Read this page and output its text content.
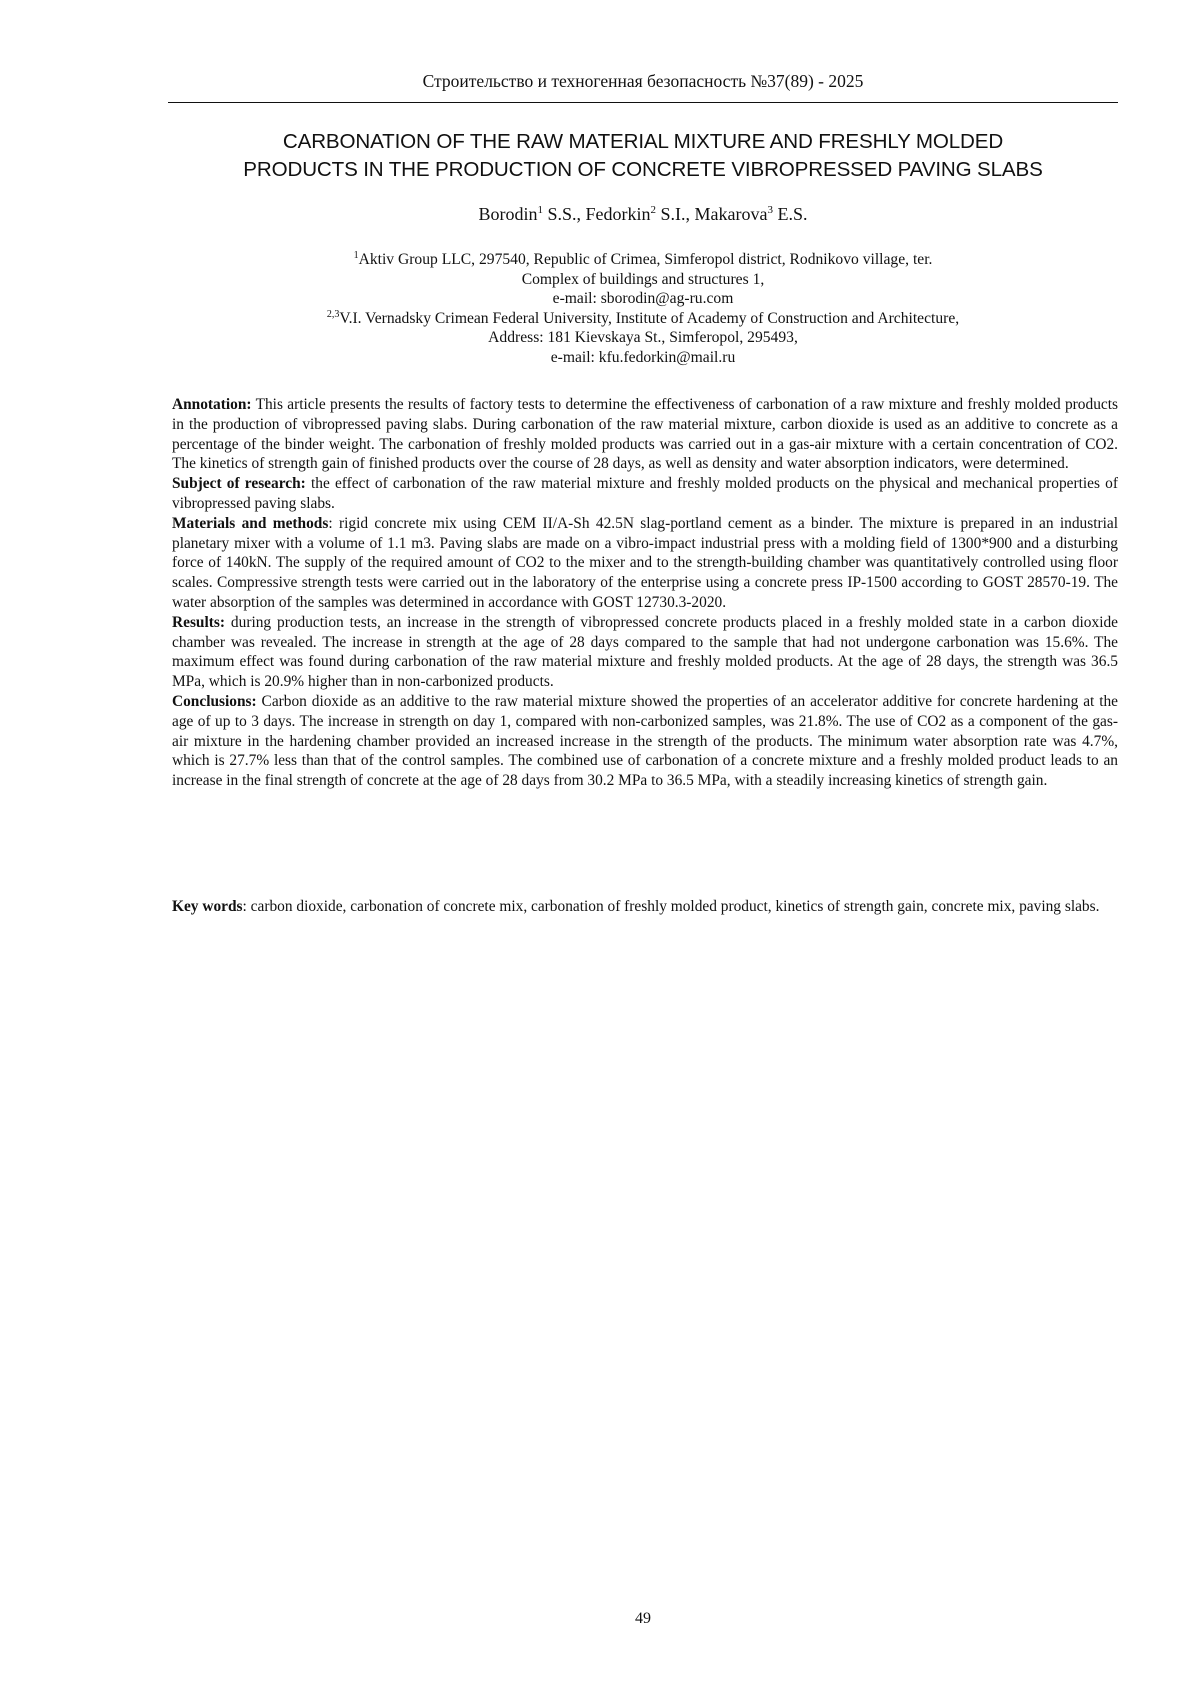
Строительство и техногенная безопасность №37(89) - 2025
CARBONATION OF THE RAW MATERIAL MIXTURE AND FRESHLY MOLDED
PRODUCTS IN THE PRODUCTION OF CONCRETE VIBROPRESSED PAVING SLABS
Borodin$^1$ S.S., Fedorkin$^2$ S.I., Makarova$^3$ E.S.
$^1$Aktiv Group LLC, 297540, Republic of Crimea, Simferopol district, Rodnikovo village, ter.
Complex of buildings and structures 1,
e-mail: sborodin@ag-ru.com
$^{2,3}$V.I. Vernadsky Crimean Federal University, Institute of Academy of Construction and Architecture,
Address: 181 Kievskaya St., Simferopol, 295493,
e-mail: kfu.fedorkin@mail.ru

Annotation: This article presents the results of factory tests to determine the effectiveness of carbonation of a raw mixture and freshly molded products in the production of vibropressed paving slabs. During carbonation of the raw material mixture, carbon dioxide is used as an additive to concrete as a percentage of the binder weight. The carbonation of freshly molded products was carried out in a gas-air mixture with a certain concentration of CO2. The kinetics of strength gain of finished products over the course of 28 days, as well as density and water absorption indicators, were determined.

Subject of research: the effect of carbonation of the raw material mixture and freshly molded products on the physical and mechanical properties of vibropressed paving slabs.

Materials and methods: rigid concrete mix using CEM II/A-Sh 42.5N slag-portland cement as a binder. The mixture is prepared in an industrial planetary mixer with a volume of 1.1 m3. Paving slabs are made on a vibro-impact industrial press with a molding field of 1300*900 and a disturbing force of 140kN. The supply of the required amount of CO2 to the mixer and to the strength-building chamber was quantitatively controlled using floor scales. Compressive strength tests were carried out in the laboratory of the enterprise using a concrete press IP-1500 according to GOST 28570-19. The water absorption of the samples was determined in accordance with GOST 12730.3-2020.

Results: during production tests, an increase in the strength of vibropressed concrete products placed in a freshly molded state in a carbon dioxide chamber was revealed. The increase in strength at the age of 28 days compared to the sample that had not undergone carbonation was 15.6%. The maximum effect was found during carbonation of the raw material mixture and freshly molded products. At the age of 28 days, the strength was 36.5 MPa, which is 20.9% higher than in non-carbonized products.

Conclusions: Carbon dioxide as an additive to the raw material mixture showed the properties of an accelerator additive for concrete hardening at the age of up to 3 days. The increase in strength on day 1, compared with non-carbonized samples, was 21.8%. The use of CO2 as a component of the gas-air mixture in the hardening chamber provided an increased increase in the strength of the products. The minimum water absorption rate was 4.7%, which is 27.7% less than that of the control samples. The combined use of carbonation of a concrete mixture and a freshly molded product leads to an increase in the final strength of concrete at the age of 28 days from 30.2 MPa to 36.5 MPa, with a steadily increasing kinetics of strength gain.

Key words: carbon dioxide, carbonation of concrete mix, carbonation of freshly molded product, kinetics of strength gain, concrete mix, paving slabs.

49
